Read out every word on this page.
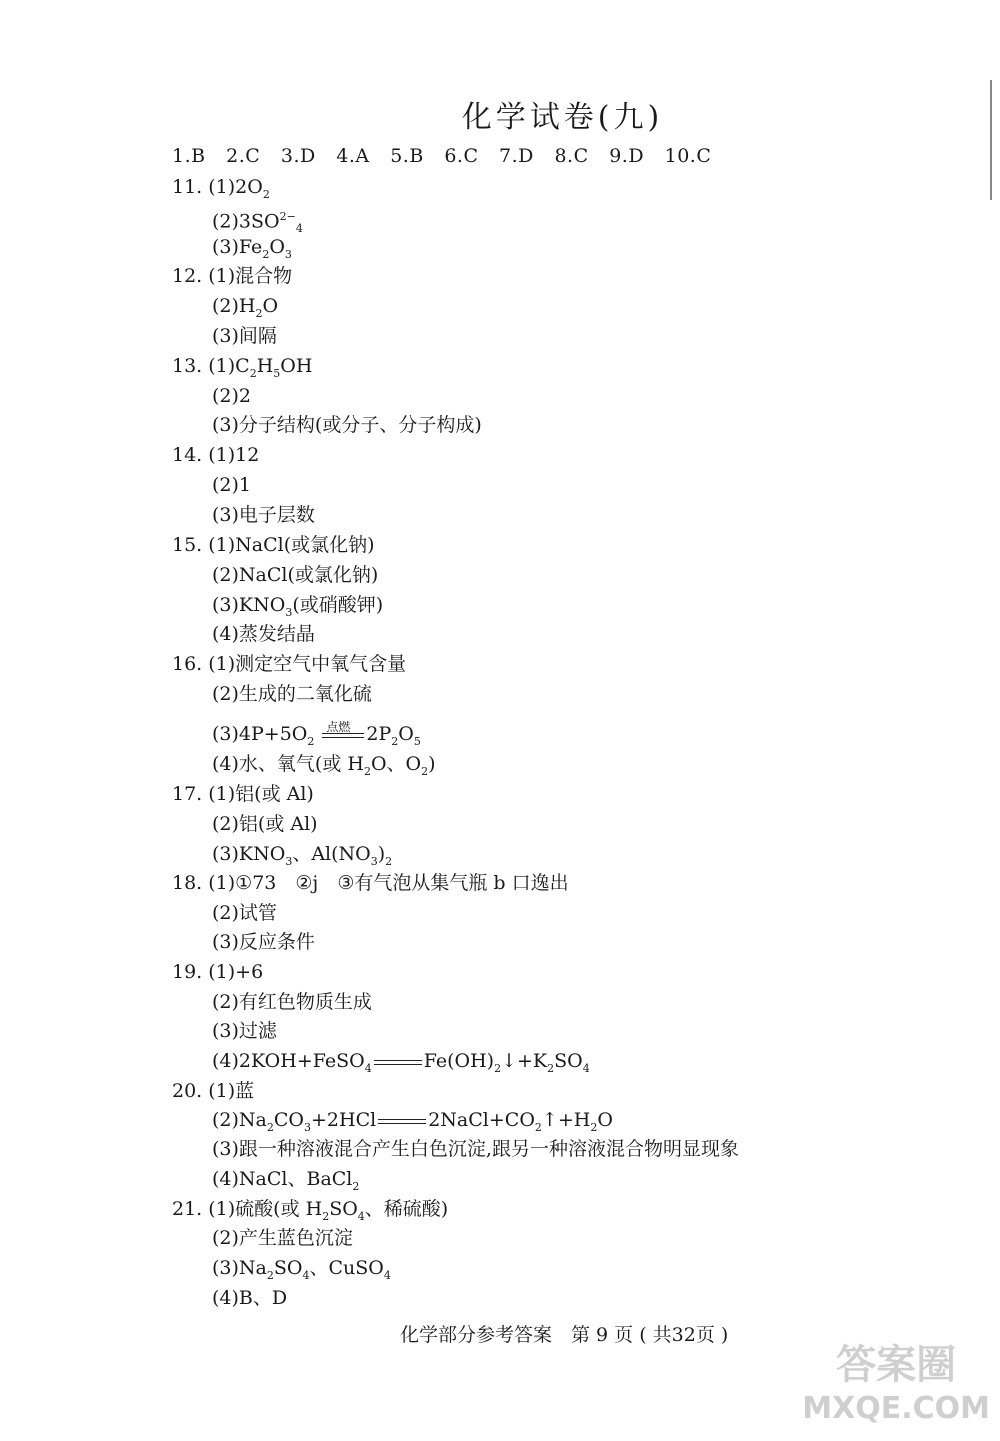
化学试卷(九)
1.B 2.C 3.D 4.A 5.B 6.C 7.D 8.C 9.D 10.C
11. $(1)2O_2$
$(2)3SO^{2-}_4$
$(3)Fe_2O_3$
12. (1)混合物
$(2)H_2O$
(3)间隔
13. $(1)C_2H_5OH$
(2)2
(3)分子结构(或分子、分子构成)
14. (1)12
(2)1
(3)电子层数
15. (1)NaCl(或氯化钠)
(2)NaCl(或氯化钠)
$(3)KNO_3$(或硝酸钾)
(4)蒸发结晶
16. (1)测定空气中氧气含量
(2)生成的二氧化硫
$(3)4P+5O_2$
点燃 $2P_2O_5$
(4)水、氧气(或 $H_2O$、$O_2$)
17. (1)铝(或 Al)
(2)铝(或 Al)
$(3)KNO_3$、$Al(NO_3)_2$
18. (1)①73　②j　③有气泡从集气瓶 b 口逸出
(2)试管
(3)反应条件
19. (1)+6
(2)有红色物质生成
(3)过滤
(4)2KOH+FeSO$_4$	$Fe(OH)_2↓+K_2SO_4$
20. (1)蓝
$(2)Na_2CO_3+2HCl$	$2NaCl+CO_2↑+H_2O$
(3)跟一种溶液混合产生白色沉淀,跟另一种溶液混合物明显现象
(4)NaCl、BaCl$_2$
21. (1)硫酸(或 $H_2SO_4$、稀硫酸)
(2)产生蓝色沉淀
$(3)Na_2SO_4$、CuSO$_4$
(4)B、D
化学部分参考答案　第 9 页 ( 共32页 )
答案圈
MXQE.COM
